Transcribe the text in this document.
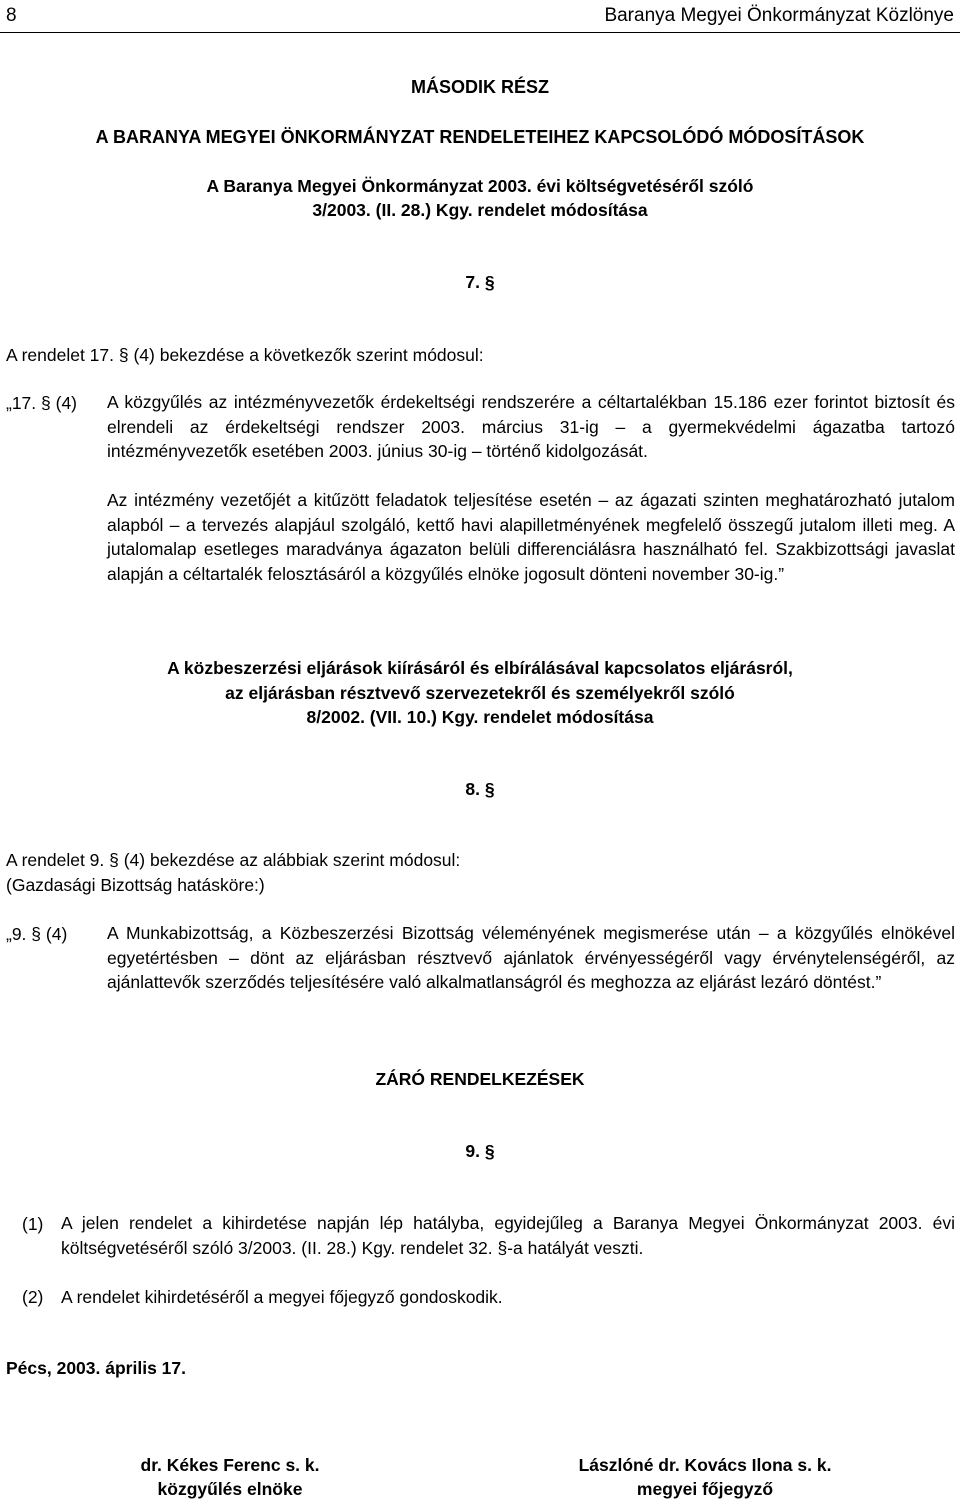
8	Baranya Megyei Önkormányzat Közlönye
MÁSODIK RÉSZ
A BARANYA MEGYEI ÖNKORMÁNYZAT RENDELETEIHEZ KAPCSOLÓDÓ MÓDOSÍTÁSOK
A Baranya Megyei Önkormányzat 2003. évi költségvetéséről szóló
3/2003. (II. 28.) Kgy. rendelet módosítása
7. §
A rendelet 17. § (4) bekezdése a következők szerint módosul:
„17. § (4) A közgyűlés az intézményvezetők érdekeltségi rendszerére a céltartalékban 15.186 ezer forintot biztosít és elrendeli az érdekeltségi rendszer 2003. március 31-ig – a gyermekvédelmi ágazatba tartozó intézményvezetők esetében 2003. június 30-ig – történő kidolgozását.
Az intézmény vezetőjét a kitűzött feladatok teljesítése esetén – az ágazati szinten meghatározható jutalom alapból – a tervezés alapjául szolgáló, kettő havi alapilletményének megfelelő összegű jutalom illeti meg. A jutalomalap esetleges maradványa ágazaton belüli differenciálásra használható fel. Szakbizottsági javaslat alapján a céltartalék felosztásáról a közgyűlés elnöke jogosult dönteni november 30-ig.”
A közbeszerzési eljárások kiírásáról és elbírálásával kapcsolatos eljárásról,
az eljárásban résztvevő szervezetekről és személyekről szóló
8/2002. (VII. 10.) Kgy. rendelet módosítása
8. §
A rendelet 9. § (4) bekezdése az alábbiak szerint módosul:
(Gazdasági Bizottság hatásköre:)
„9. § (4) A Munkabizottság, a Közbeszerzési Bizottság véleményének megismerése után – a közgyűlés elnökével egyetértésben – dönt az eljárásban résztvevő ajánlatok érvényességéről vagy érvénytelenségéről, az ajánlattevők szerződés teljesítésére való alkalmatlanságról és meghozza az eljárást lezáró döntést.”
ZÁRÓ RENDELKEZÉSEK
9. §
(1) A jelen rendelet a kihirdetése napján lép hatályba, egyidejűleg a Baranya Megyei Önkormányzat 2003. évi költségvetéséről szóló 3/2003. (II. 28.) Kgy. rendelet 32. §-a hatályát veszti.
(2) A rendelet kihirdetéséről a megyei főjegyző gondoskodik.
Pécs, 2003. április 17.
dr. Kékes Ferenc s. k.
közgyűlés elnöke
Lászlóné dr. Kovács Ilona s. k.
megyei főjegyző
